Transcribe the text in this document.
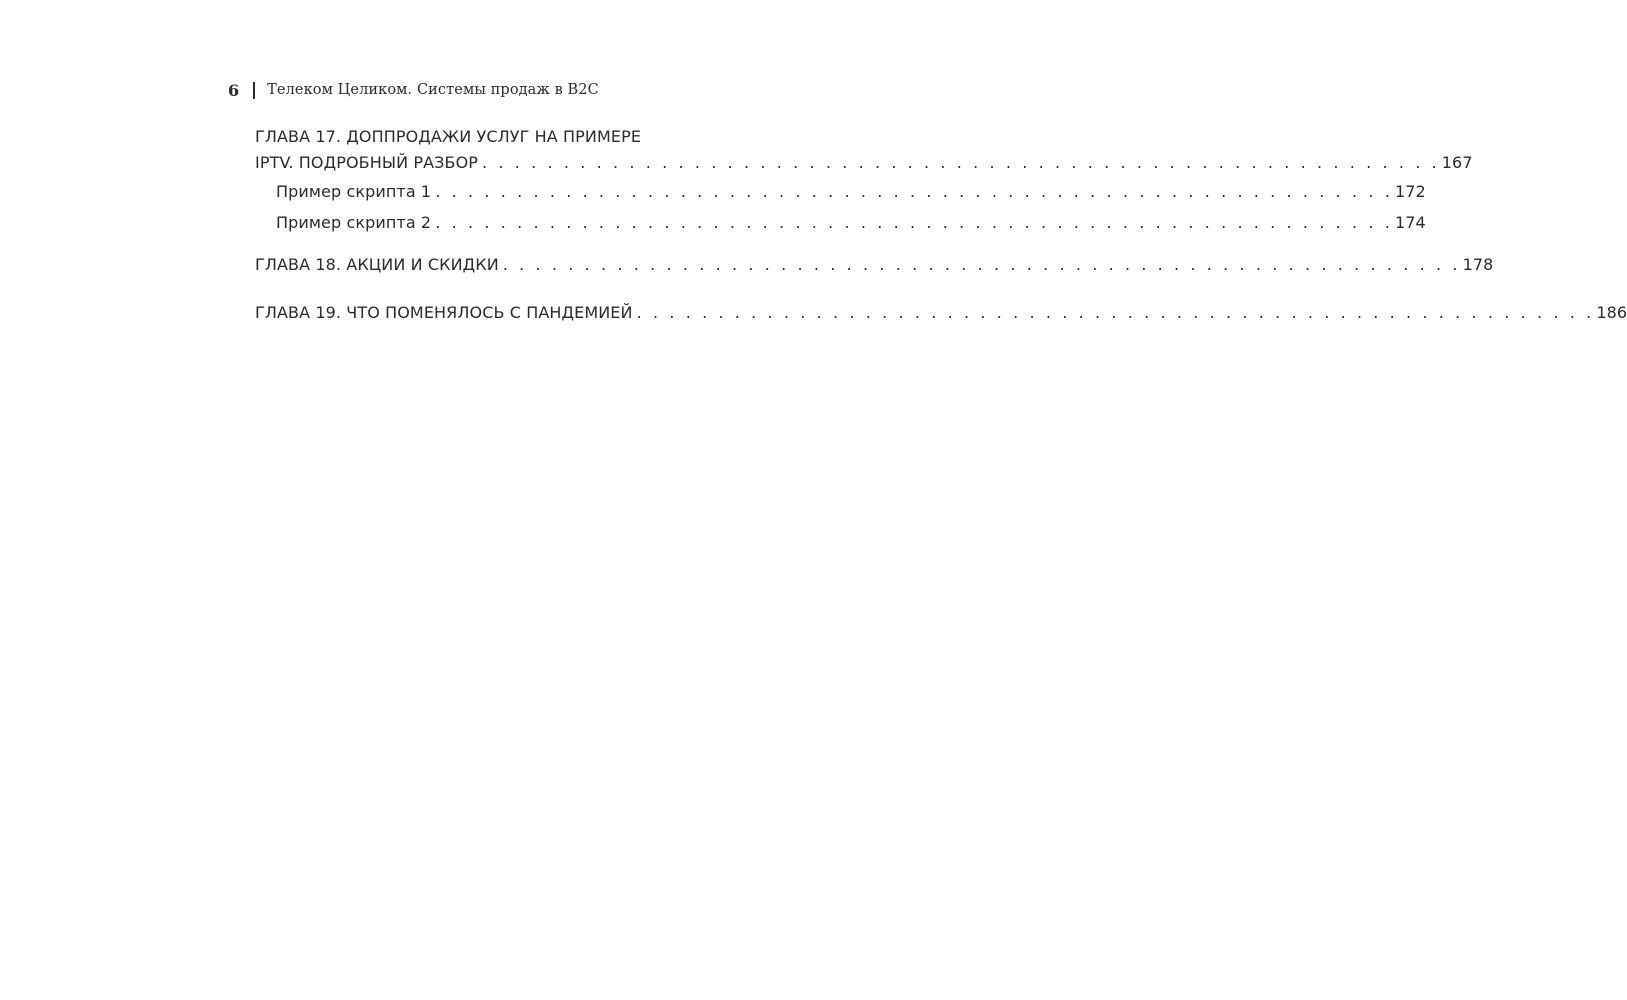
6 Телеком Целиком. Системы продаж в B2C
ГЛАВА 17. ДОППРОДАЖИ УСЛУГ НА ПРИМЕРЕ
IPTV. ПОДРОБНЫЙ РАЗБОР . . . . . . . . . . . . . . . . . . . . . . . . . . . . . . . . . . . . . . . . . . . . . . . . . . . . . . . . . . . 167
Пример скрипта 1 . . . . . . . . . . . . . . . . . . . . . . . . . . . . . . . . . . . . . . . . . . . . . . . . . . . . . . . . . . . 172
Пример скрипта 2 . . . . . . . . . . . . . . . . . . . . . . . . . . . . . . . . . . . . . . . . . . . . . . . . . . . . . . . . . . . 174
ГЛАВА 18. АКЦИИ И СКИДКИ . . . . . . . . . . . . . . . . . . . . . . . . . . . . . . . . . . . . . . . . . . . . . . . . . . . . . . . . . . . 178
ГЛАВА 19. ЧТО ПОМЕНЯЛОСЬ С ПАНДЕМИЕЙ . . . . . . . . . . . . . . . . . . . . . . . . . . . . . . . . . . . . . . . . . . . . . . . . . . . . . . . . . . . 186
